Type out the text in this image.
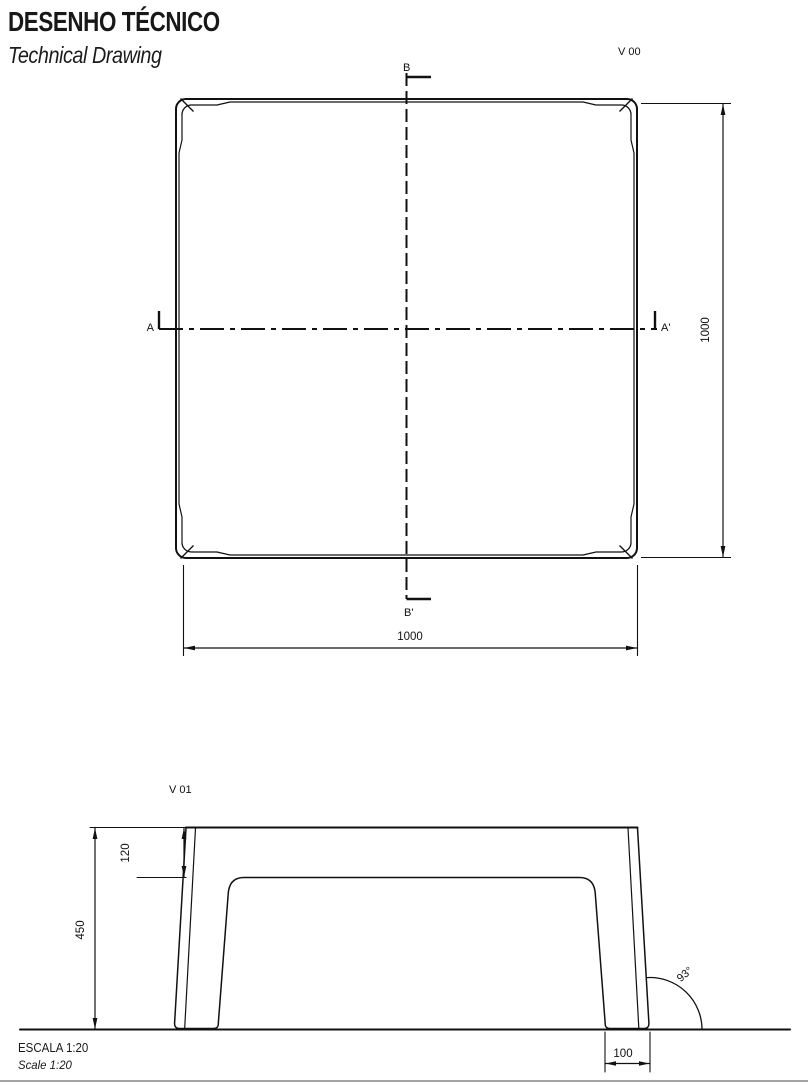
DESENHO TÉCNICO
Technical Drawing	V 00
B
B'
A	A'	1000
1000
V 01
450
120
93°
100
ESCALA 1:20
Scale 1:20
